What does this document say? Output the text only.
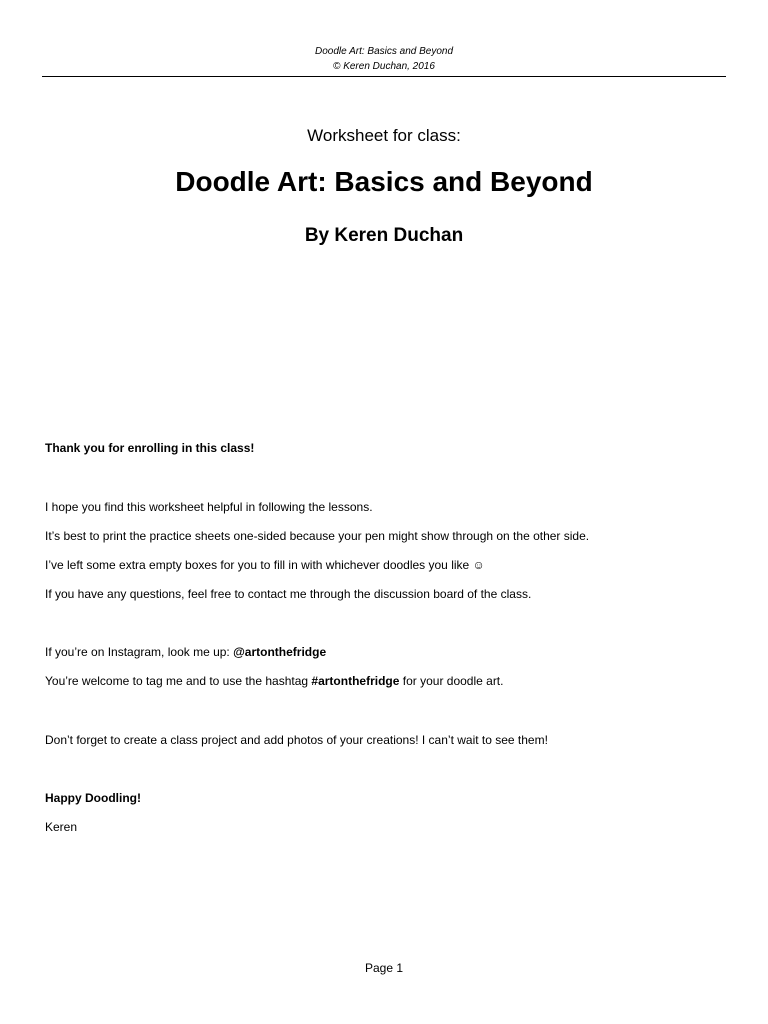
Doodle Art: Basics and Beyond
© Keren Duchan, 2016
Worksheet for class:
Doodle Art: Basics and Beyond
By Keren Duchan
Thank you for enrolling in this class!
I hope you find this worksheet helpful in following the lessons.
It’s best to print the practice sheets one-sided because your pen might show through on the other side.
I’ve left some extra empty boxes for you to fill in with whichever doodles you like ☺
If you have any questions, feel free to contact me through the discussion board of the class.
If you’re on Instagram, look me up: @artonthefridge
You’re welcome to tag me and to use the hashtag #artonthefridge for your doodle art.
Don’t forget to create a class project and add photos of your creations! I can’t wait to see them!
Happy Doodling!
Keren
Page 1
